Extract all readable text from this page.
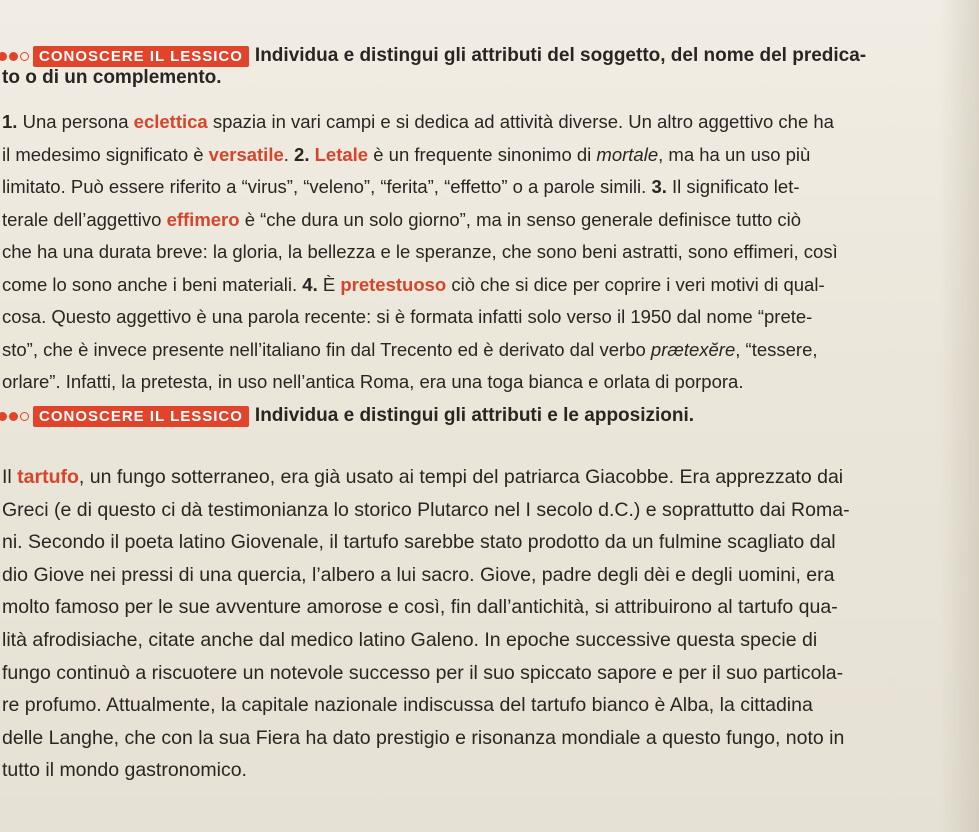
CONOSCERE IL LESSICO Individua e distingui gli attributi del soggetto, del nome del predica-
to o di un complemento.
1. Una persona eclettica spazia in vari campi e si dedica ad attività diverse. Un altro aggettivo che ha
il medesimo significato è versatile. 2. Letale è un frequente sinonimo di mortale, ma ha un uso più
limitato. Può essere riferito a “virus”, “veleno”, “ferita”, “effetto” o a parole simili. 3. Il significato let-
terale dell’aggettivo effimero è “che dura un solo giorno”, ma in senso generale definisce tutto ciò
che ha una durata breve: la gloria, la bellezza e le speranze, che sono beni astratti, sono effimeri, così
come lo sono anche i beni materiali. 4. È pretestuoso ciò che si dice per coprire i veri motivi di qual-
cosa. Questo aggettivo è una parola recente: si è formata infatti solo verso il 1950 dal nome “prete-
sto”, che è invece presente nell’italiano fin dal Trecento ed è derivato dal verbo prætexĕre, “tessere,
orlare”. Infatti, la pretesta, in uso nell’antica Roma, era una toga bianca e orlata di porpora.
CONOSCERE IL LESSICO Individua e distingui gli attributi e le apposizioni.
Il tartufo, un fungo sotterraneo, era già usato ai tempi del patriarca Giacobbe. Era apprezzato dai
Greci (e di questo ci dà testimonianza lo storico Plutarco nel I secolo d.C.) e soprattutto dai Roma-
ni. Secondo il poeta latino Giovenale, il tartufo sarebbe stato prodotto da un fulmine scagliato dal
dio Giove nei pressi di una quercia, l’albero a lui sacro. Giove, padre degli dèi e degli uomini, era
molto famoso per le sue avventure amorose e così, fin dall’antichità, si attribuirono al tartufo qua-
lità afrodisiache, citate anche dal medico latino Galeno. In epoche successive questa specie di
fungo continuò a riscuotere un notevole successo per il suo spiccato sapore e per il suo particola-
re profumo. Attualmente, la capitale nazionale indiscussa del tartufo bianco è Alba, la cittadina
delle Langhe, che con la sua Fiera ha dato prestigio e risonanza mondiale a questo fungo, noto in
tutto il mondo gastronomico.
